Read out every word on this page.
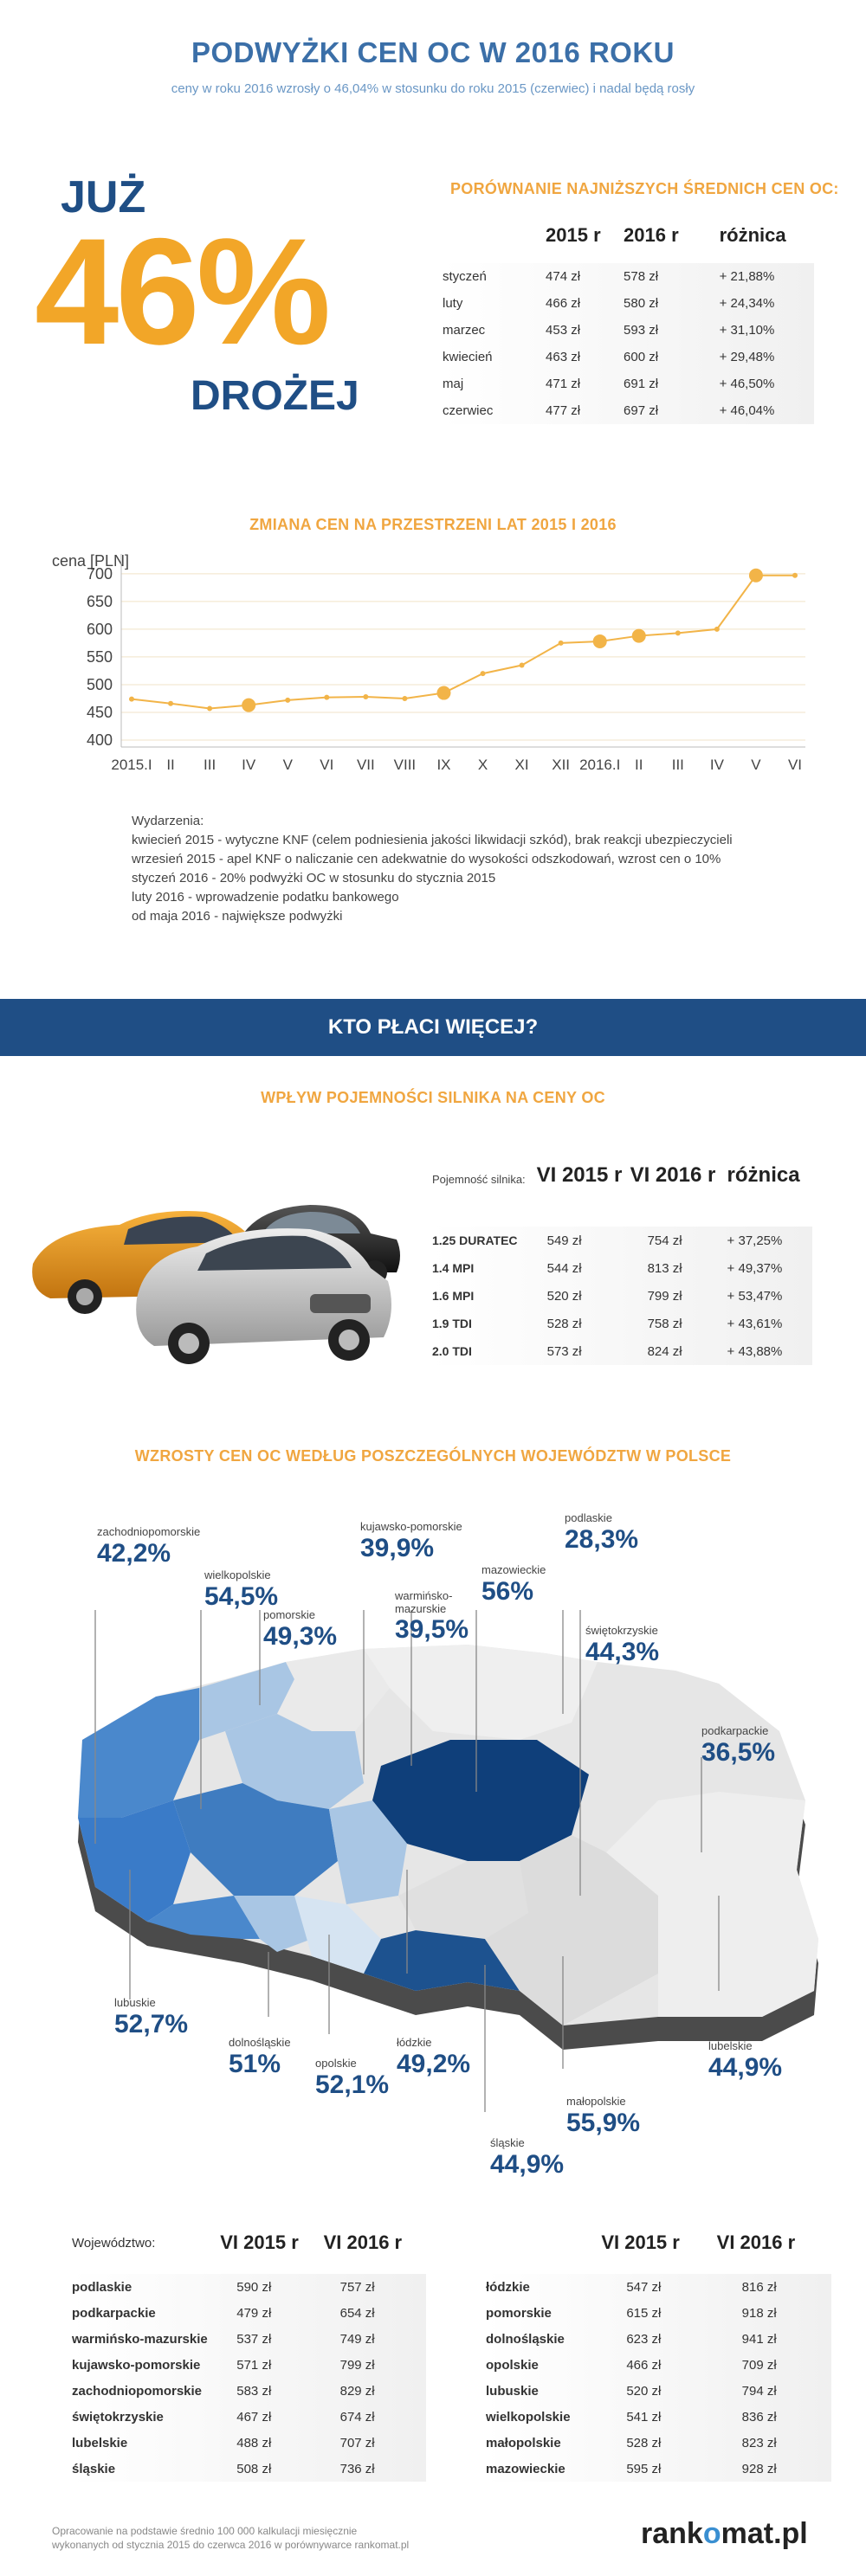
PODWYŻKI CEN OC W 2016 ROKU
ceny w roku 2016 wzrosły o 46,04% w stosunku do roku 2015 (czerwiec) i nadal będą rosły
JUŻ
46%
DROŻEJ
PORÓWNANIE NAJNIŻSZYCH ŚREDNICH CEN OC:
	2015 r	2016 r	różnica
styczeń	474 zł	578 zł	+ 21,88%
luty	466 zł	580 zł	+ 24,34%
marzec	453 zł	593 zł	+ 31,10%
kwiecień	463 zł	600 zł	+ 29,48%
maj	471 zł	691 zł	+ 46,50%
czerwiec	477 zł	697 zł	+ 46,04%
ZMIANA CEN NA PRZESTRZENI LAT 2015 I 2016
cena [PLN]
400
450
500
550
600
650
700
2015.I II III IV V VI VII VIII IX X XI XII 2016.I II III IV V VI
Wydarzenia:
kwiecień 2015 - wytyczne KNF (celem podniesienia jakości likwidacji szkód), brak reakcji ubezpieczycieli
wrzesień 2015 - apel KNF o naliczanie cen adekwatnie do wysokości odszkodowań, wzrost cen o 10%
styczeń 2016 - 20% podwyżki OC w stosunku do stycznia 2015
luty 2016 - wprowadzenie podatku bankowego
od maja 2016 - największe podwyżki
KTO PŁACI WIĘCEJ?
WPŁYW POJEMNOŚCI SILNIKA NA CENY OC
Pojemność silnika:	VI 2015 r	VI 2016 r	różnica

1.25 DURATEC	549 zł	754 zł	+ 37,25%
1.4 MPI	544 zł	813 zł	+ 49,37%
1.6 MPI	520 zł	799 zł	+ 53,47%
1.9 TDI	528 zł	758 zł	+ 43,61%
2.0 TDI	573 zł	824 zł	+ 43,88%
WZROSTY CEN OC WEDŁUG POSZCZEGÓLNYCH WOJEWÓDZTW W POLSCE
zachodniopomorskie
42,2%
wielkopolskie
54,5%
pomorskie
49,3%
kujawsko-pomorskie
39,9%
warmińsko-mazurskie
39,5%
mazowieckie
56%
podlaskie
28,3%
świętokrzyskie
44,3%
podkarpackie
36,5%
lubuskie
52,7%
dolnośląskie
51%	opolskie
52,1%
łódzkie
49,2%
lubelskie
44,9%
małopolskie
55,9%
śląskie
44,9%
Województwo:	VI 2015 r	VI 2016 r
podlaskie	590 zł	757 zł
podkarpackie	479 zł	654 zł
warmińsko-mazurskie	537 zł	749 zł
kujawsko-pomorskie	571 zł	799 zł
zachodniopomorskie	583 zł	829 zł
świętokrzyskie	467 zł	674 zł
lubelskie	488 zł	707 zł
śląskie	508 zł	736 zł
	VI 2015 r	VI 2016 r
łódzkie	547 zł	816 zł
pomorskie	615 zł	918 zł
dolnośląskie	623 zł	941 zł
opolskie	466 zł	709 zł
lubuskie	520 zł	794 zł
wielkopolskie	541 zł	836 zł
małopolskie	528 zł	823 zł
mazowieckie	595 zł	928 zł
Opracowanie na podstawie średnio 100 000 kalkulacji miesięcznie
wykonanych od stycznia 2015 do czerwca 2016 w porównywarce rankomat.pl	rankomat.pl
